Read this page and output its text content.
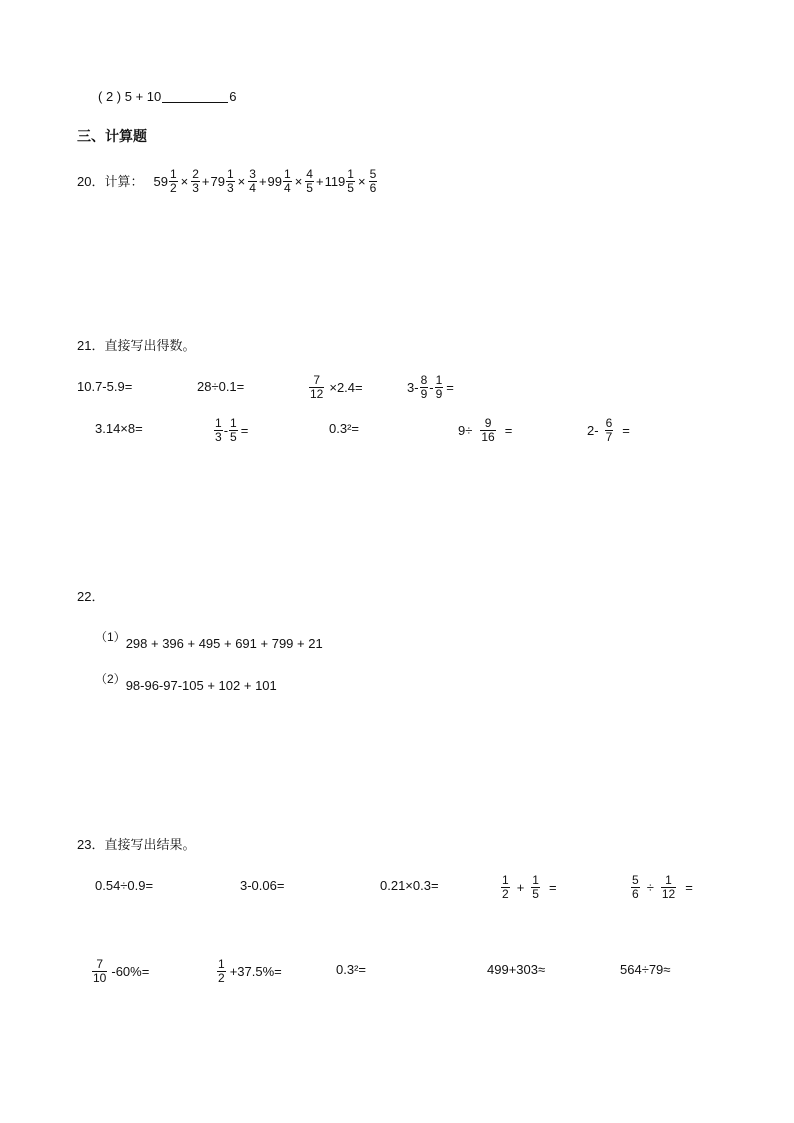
( 2 ) 5 + 10	6
三、计算题
20．计算： $59 \frac{1}{2} \times \frac{2}{3} + 79 \frac{1}{3} \times \frac{3}{4} + 99 \frac{1}{4} \times \frac{4}{5} + 119 \frac{1}{5} \times \frac{5}{6}$
21．直接写出得数。
10.7-5.9=	28÷0.1=	$\frac{7}{12} \times 2.4=$	$3- \frac{8}{9} - \frac{1}{9}$ =
3.14×8=	$\frac{1}{3} - \frac{1}{5}$ =	0.3²=	$9\div \frac{9}{16}$ =	$2- \frac{6}{7}$ =
22．
（1）298 + 396 + 495 + 691 + 799 + 21
（2）98-96-97-105 + 102 + 101
23．直接写出结果。
0.54÷0.9=	3-0.06=	0.21×0.3=	$\frac{1}{2} + \frac{1}{5}$ =	$\frac{5}{6} \div \frac{1}{12}$ =
$\frac{7}{10} -60\%=$	$\frac{1}{2} +37.5\%=$	0.3²=	499+303≈	564÷79≈
